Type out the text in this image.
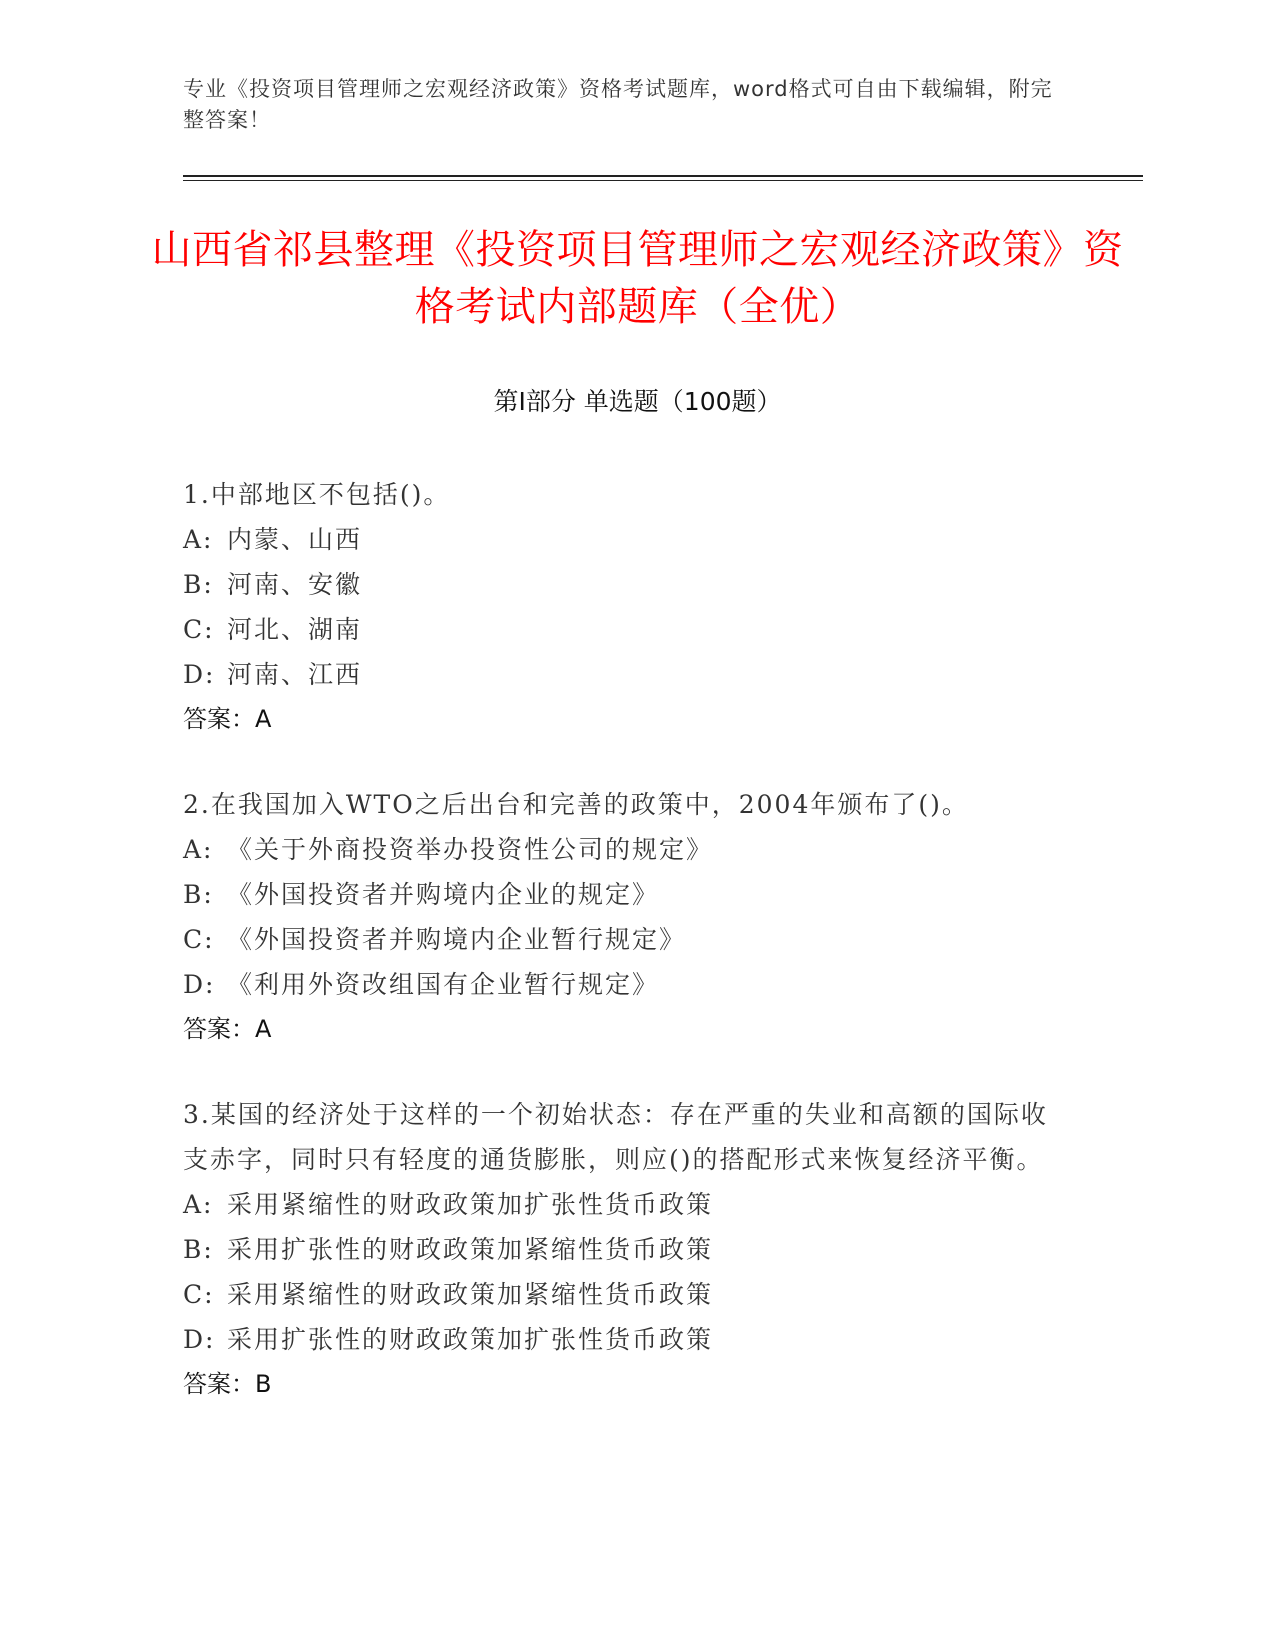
专业《投资项目管理师之宏观经济政策》资格考试题库，word格式可自由下载编辑，附完整答案！
山西省祁县整理《投资项目管理师之宏观经济政策》资格考试内部题库（全优）
第Ⅰ部分 单选题（100题）

1.中部地区不包括()。

A: 内蒙、山西

B: 河南、安徽

C: 河北、湖南

D: 河南、江西

答案：A

2.在我国加入WTO之后出台和完善的政策中，2004年颁布了()。

A: 《关于外商投资举办投资性公司的规定》

B: 《外国投资者并购境内企业的规定》

C: 《外国投资者并购境内企业暂行规定》

D: 《利用外资改组国有企业暂行规定》

答案：A

3.某国的经济处于这样的一个初始状态：存在严重的失业和高额的国际收支赤字，同时只有轻度的通货膨胀，则应()的搭配形式来恢复经济平衡。

A: 采用紧缩性的财政政策加扩张性货币政策

B: 采用扩张性的财政政策加紧缩性货币政策

C: 采用紧缩性的财政政策加紧缩性货币政策

D: 采用扩张性的财政政策加扩张性货币政策

答案：B
